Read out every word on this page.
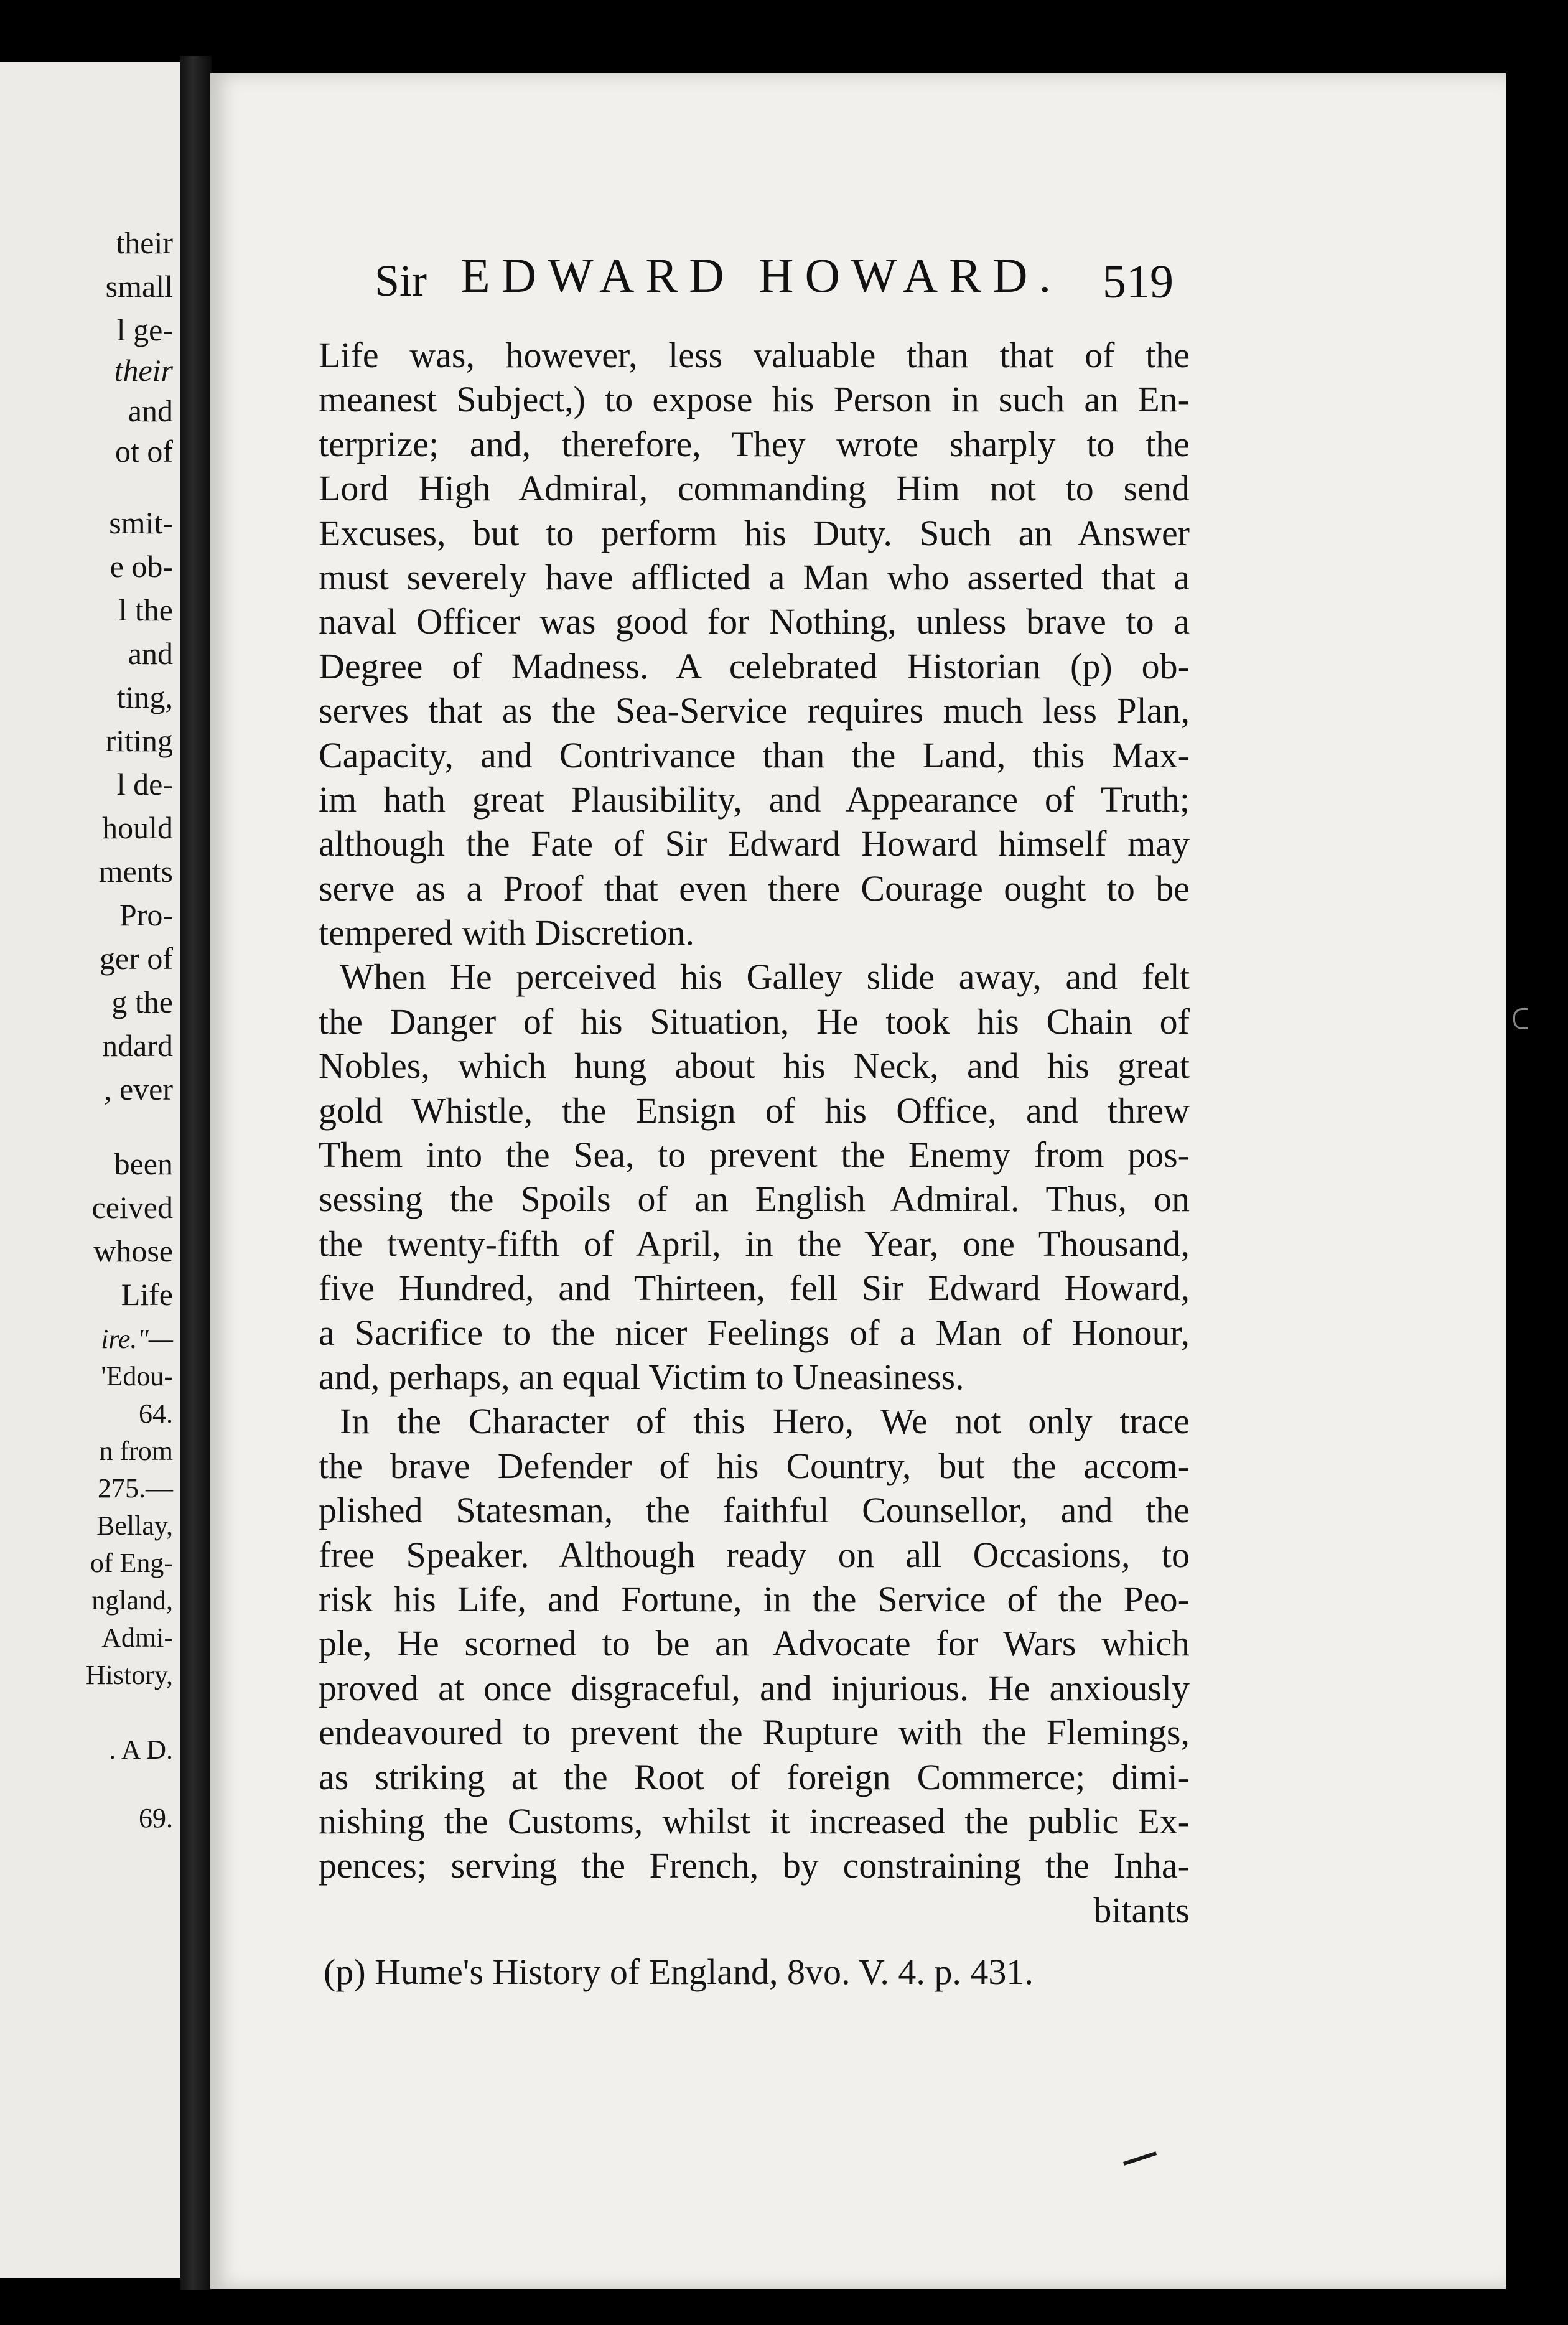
their
small
l ge-
their
and
ot of
smit-
e ob-
l the
and
ting,
riting
l de-
hould
ments
Pro-
ger of
g the
ndard
, ever
been
ceived
whose
Life
ire."—
'Edou-
64.
n from
275.—
Bellay,
of Eng-
ngland,
Admi-
History,
. A D.
69.
Sir EDWARD HOWARD. 519
Life was, however, less valuable than that of the
meanest Subject,) to expose his Person in such an En-
terprize; and, therefore, They wrote sharply to the
Lord High Admiral, commanding Him not to send
Excuses, but to perform his Duty. Such an Answer
must severely have afflicted a Man who asserted that a
naval Officer was good for Nothing, unless brave to a
Degree of Madness. A celebrated Historian (p) ob-
serves that as the Sea-Service requires much less Plan,
Capacity, and Contrivance than the Land, this Max-
im hath great Plausibility, and Appearance of Truth;
although the Fate of Sir Edward Howard himself may
serve as a Proof that even there Courage ought to be
tempered with Discretion.
When He perceived his Galley slide away, and felt
the Danger of his Situation, He took his Chain of
Nobles, which hung about his Neck, and his great
gold Whistle, the Ensign of his Office, and threw
Them into the Sea, to prevent the Enemy from pos-
sessing the Spoils of an English Admiral. Thus, on
the twenty-fifth of April, in the Year, one Thousand,
five Hundred, and Thirteen, fell Sir Edward Howard,
a Sacrifice to the nicer Feelings of a Man of Honour,
and, perhaps, an equal Victim to Uneasiness.
In the Character of this Hero, We not only trace
the brave Defender of his Country, but the accom-
plished Statesman, the faithful Counsellor, and the
free Speaker. Although ready on all Occasions, to
risk his Life, and Fortune, in the Service of the Peo-
ple, He scorned to be an Advocate for Wars which
proved at once disgraceful, and injurious. He anxiously
endeavoured to prevent the Rupture with the Flemings,
as striking at the Root of foreign Commerce; dimi-
nishing the Customs, whilst it increased the public Ex-
pences; serving the French, by constraining the Inha-
bitants
(p) Hume's History of England, 8vo. V. 4. p. 431.
